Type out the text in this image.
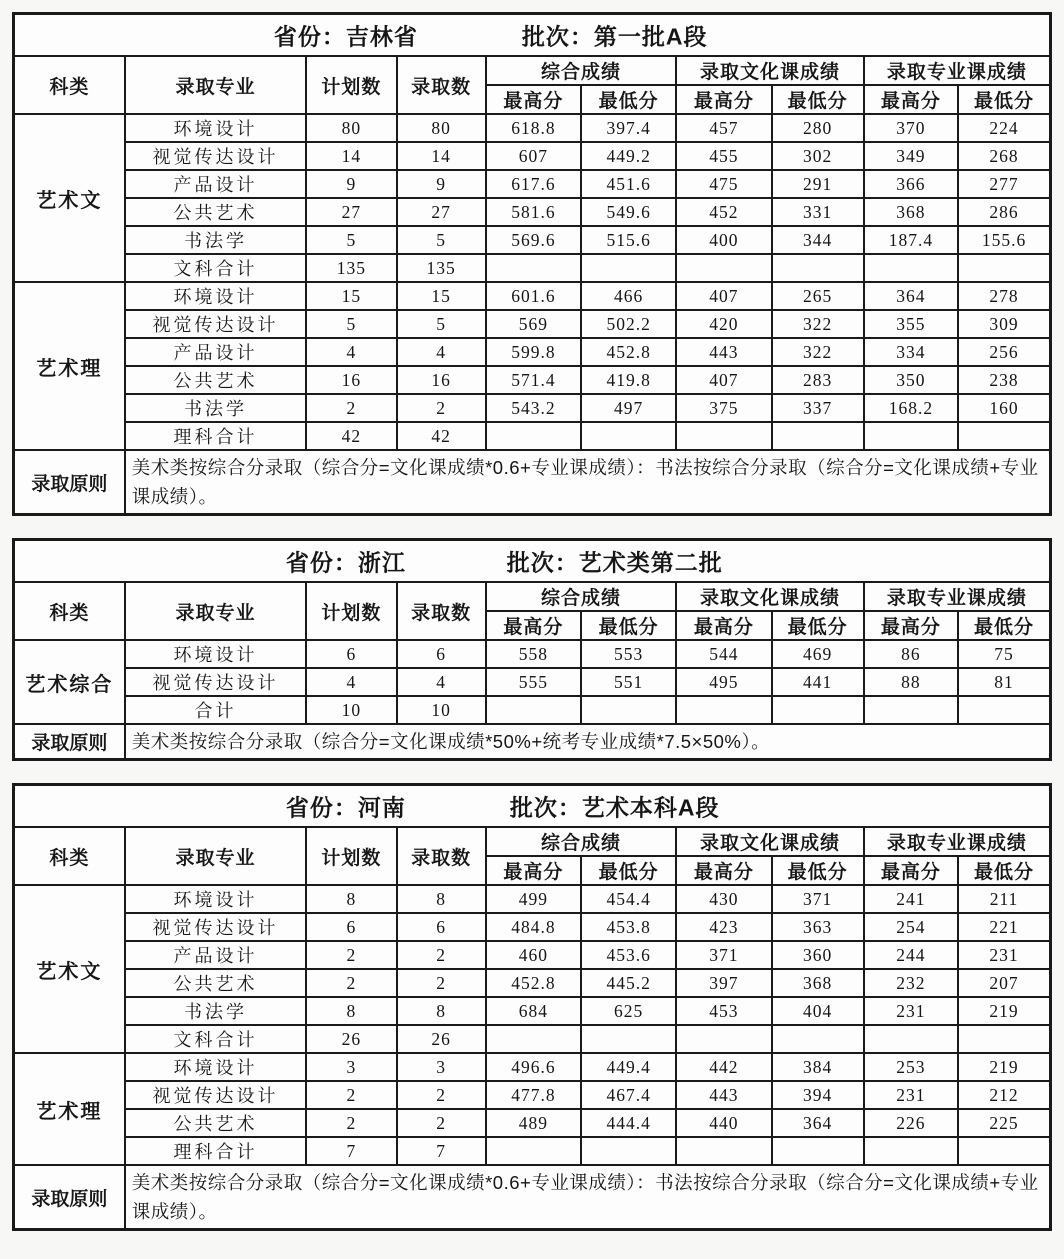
省份：吉林省 批次：第一批A段									

科类	录取专业	计划数	录取数	综合成绩		录取文化课成绩		录取专业课成绩	
				最高分	最低分	最高分	最低分	最高分	最低分
艺术文	环境设计	80	80	618.8	397.4	457	280	370	224
	视觉传达设计	14	14	607	449.2	455	302	349	268
	产品设计	9	9	617.6	451.6	475	291	366	277
	公共艺术	27	27	581.6	549.6	452	331	368	286
	书法学	5	5	569.6	515.6	400	344	187.4	155.6
	文科合计	135	135						
艺术理	环境设计	15	15	601.6	466	407	265	364	278
	视觉传达设计	5	5	569	502.2	420	322	355	309
	产品设计	4	4	599.8	452.8	443	322	334	256
	公共艺术	16	16	571.4	419.8	407	283	350	238
	书法学	2	2	543.2	497	375	337	168.2	160
	理科合计	42	42						
录取原则	美术类按综合分录取（综合分=文化课成绩*0.6+专业课成绩）：书法按综合分录取（综合分=文化课成绩+专业课成绩）。								
省份：浙江 批次：艺术类第二批									

科类	录取专业	计划数	录取数	综合成绩		录取文化课成绩		录取专业课成绩	
				最高分	最低分	最高分	最低分	最高分	最低分
艺术综合	环境设计	6	6	558	553	544	469	86	75
	视觉传达设计	4	4	555	551	495	441	88	81
	合计	10	10						
录取原则	美术类按综合分录取（综合分=文化课成绩*50%+统考专业成绩*7.5×50%）。								
省份：河南 批次：艺术本科A段									

科类	录取专业	计划数	录取数	综合成绩		录取文化课成绩		录取专业课成绩	
				最高分	最低分	最高分	最低分	最高分	最低分
艺术文	环境设计	8	8	499	454.4	430	371	241	211
	视觉传达设计	6	6	484.8	453.8	423	363	254	221
	产品设计	2	2	460	453.6	371	360	244	231
	公共艺术	2	2	452.8	445.2	397	368	232	207
	书法学	8	8	684	625	453	404	231	219
	文科合计	26	26						
艺术理	环境设计	3	3	496.6	449.4	442	384	253	219
	视觉传达设计	2	2	477.8	467.4	443	394	231	212
	公共艺术	2	2	489	444.4	440	364	226	225
	理科合计	7	7						
录取原则	美术类按综合分录取（综合分=文化课成绩*0.6+专业课成绩）：书法按综合分录取（综合分=文化课成绩+专业课成绩）。								
